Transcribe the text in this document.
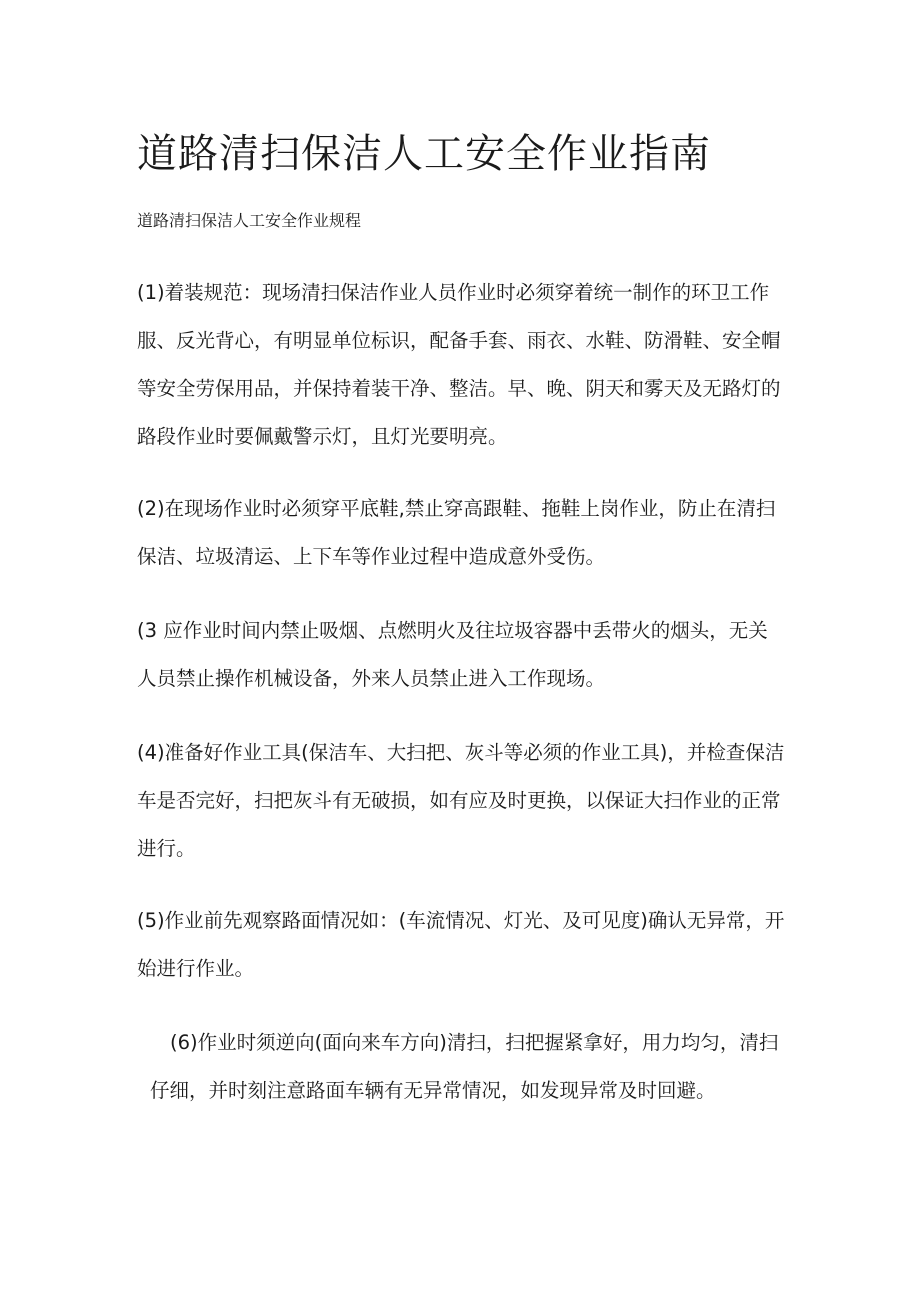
道路清扫保洁人工安全作业指南

道路清扫保洁人工安全作业规程

(1)着装规范：现场清扫保洁作业人员作业时必须穿着统一制作的环卫工作服、反光背心，有明显单位标识，配备手套、雨衣、水鞋、防滑鞋、安全帽等安全劳保用品，并保持着装干净、整洁。早、晚、阴天和雾天及无路灯的路段作业时要佩戴警示灯，且灯光要明亮。

(2)在现场作业时必须穿平底鞋,禁止穿高跟鞋、拖鞋上岗作业，防止在清扫保洁、垃圾清运、上下车等作业过程中造成意外受伤。

(3 应作业时间内禁止吸烟、点燃明火及往垃圾容器中丢带火的烟头，无关人员禁止操作机械设备，外来人员禁止进入工作现场。

(4)准备好作业工具(保洁车、大扫把、灰斗等必须的作业工具)，并检查保洁车是否完好，扫把灰斗有无破损，如有应及时更换，以保证大扫作业的正常进行。

(5)作业前先观察路面情况如：(车流情况、灯光、及可见度)确认无异常，开始进行作业。

(6)作业时须逆向(面向来车方向)清扫，扫把握紧拿好，用力均匀，清扫仔细，并时刻注意路面车辆有无异常情况，如发现异常及时回避。
